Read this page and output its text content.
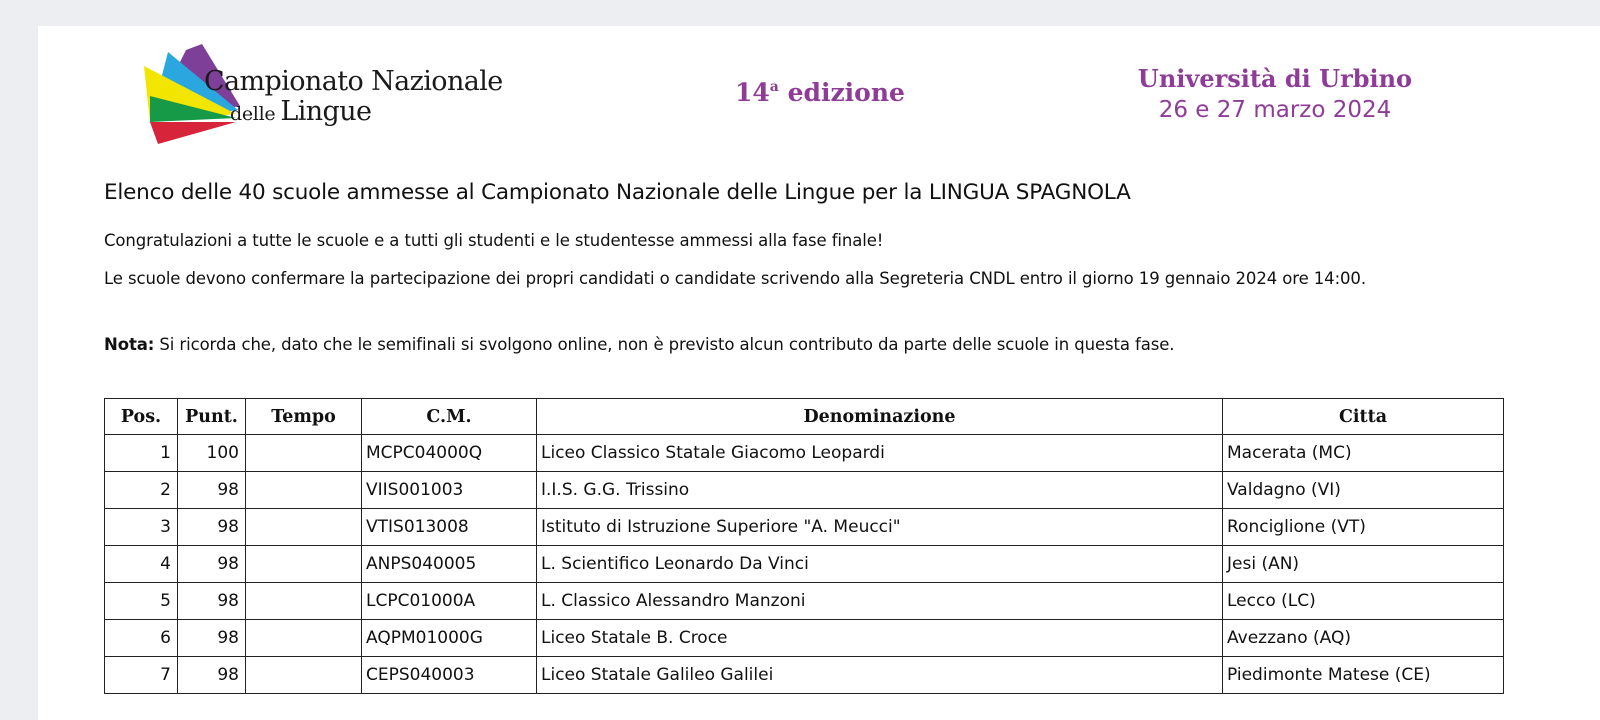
Campionato Nazionale
delle Lingue
14$^a$ edizione	Università di Urbino
26 e 27 marzo 2024
Elenco delle 40 scuole ammesse al Campionato Nazionale delle Lingue per la LINGUA SPAGNOLA
Congratulazioni a tutte le scuole e a tutti gli studenti e le studentesse ammessi alla fase finale!
Le scuole devono confermare la partecipazione dei propri candidati o candidate scrivendo alla Segreteria CNDL entro il giorno 19 gennaio 2024 ore 14:00.
Nota: Si ricorda che, dato che le semifinali si svolgono online, non è previsto alcun contributo da parte delle scuole in questa fase.
Pos.	Punt.	Tempo	C.M.	Denominazione	Citta
1	100		MCPC04000Q	Liceo Classico Statale Giacomo Leopardi	Macerata (MC)
2	98		VIIS001003	I.I.S. G.G. Trissino	Valdagno (VI)
3	98		VTIS013008	Istituto di Istruzione Superiore "A. Meucci"	Ronciglione (VT)
4	98		ANPS040005	L. Scientifico Leonardo Da Vinci	Jesi (AN)
5	98		LCPC01000A	L. Classico Alessandro Manzoni	Lecco (LC)
6	98		AQPM01000G	Liceo Statale B. Croce	Avezzano (AQ)
7	98		CEPS040003	Liceo Statale Galileo Galilei	Piedimonte Matese (CE)
